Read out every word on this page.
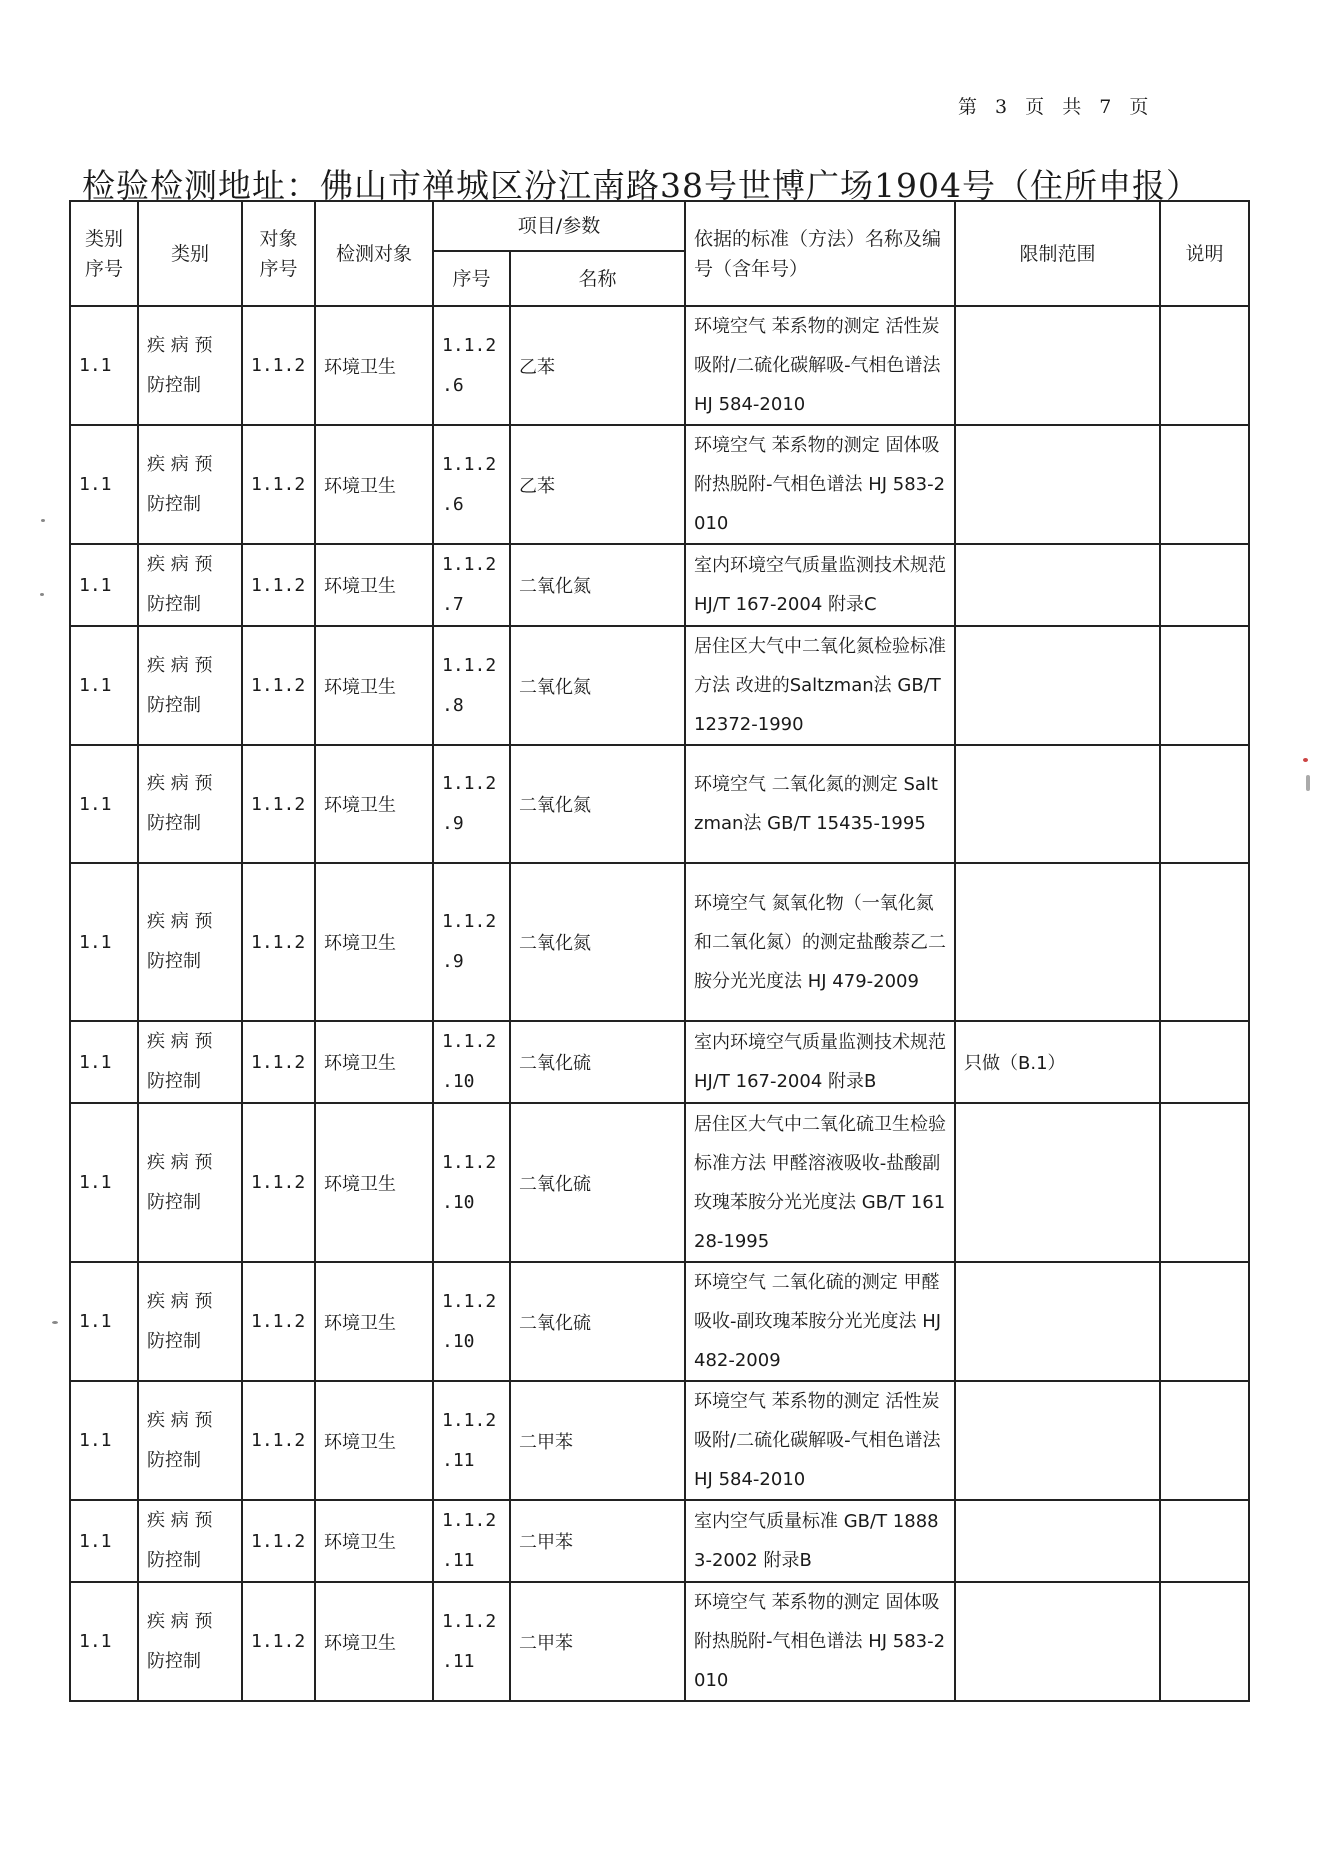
第 3 页 共 7 页
检验检测地址：佛山市禅城区汾江南路38号世博广场1904号（住所申报）
类别序号	类别	对象序号	检测对象	项目/参数		依据的标准（方法）名称及编号（含年号）	限制范围	说明
				序号	名称			
1.1	疾 病 预 防控制	1.1.2	环境卫生	1.1.2 .6	乙苯	环境空气 苯系物的测定 活性炭吸附/二硫化碳解吸-气相色谱法 HJ 584-2010		
1.1	疾 病 预 防控制	1.1.2	环境卫生	1.1.2 .6	乙苯	环境空气 苯系物的测定 固体吸附热脱附-气相色谱法 HJ 583-2010		
1.1	疾 病 预 防控制	1.1.2	环境卫生	1.1.2 .7	二氧化氮	室内环境空气质量监测技术规范 HJ/T 167-2004 附录C		
1.1	疾 病 预 防控制	1.1.2	环境卫生	1.1.2 .8	二氧化氮	居住区大气中二氧化氮检验标准方法 改进的Saltzman法 GB/T 12372-1990		
1.1	疾 病 预 防控制	1.1.2	环境卫生	1.1.2 .9	二氧化氮	环境空气 二氧化氮的测定 Saltzman法 GB/T 15435-1995		
1.1	疾 病 预 防控制	1.1.2	环境卫生	1.1.2 .9	二氧化氮	环境空气 氮氧化物（一氧化氮和二氧化氮）的测定盐酸萘乙二胺分光光度法 HJ 479-2009		
1.1	疾 病 预 防控制	1.1.2	环境卫生	1.1.2 .10	二氧化硫	室内环境空气质量监测技术规范 HJ/T 167-2004 附录B	只做（B.1）	
1.1	疾 病 预 防控制	1.1.2	环境卫生	1.1.2 .10	二氧化硫	居住区大气中二氧化硫卫生检验标准方法 甲醛溶液吸收-盐酸副玫瑰苯胺分光光度法 GB/T 16128-1995		
1.1	疾 病 预 防控制	1.1.2	环境卫生	1.1.2 .10	二氧化硫	环境空气 二氧化硫的测定 甲醛吸收-副玫瑰苯胺分光光度法 HJ 482-2009		
1.1	疾 病 预 防控制	1.1.2	环境卫生	1.1.2 .11	二甲苯	环境空气 苯系物的测定 活性炭吸附/二硫化碳解吸-气相色谱法 HJ 584-2010		
1.1	疾 病 预 防控制	1.1.2	环境卫生	1.1.2 .11	二甲苯	室内空气质量标准 GB/T 18883-2002 附录B		
1.1	疾 病 预 防控制	1.1.2	环境卫生	1.1.2 .11	二甲苯	环境空气 苯系物的测定 固体吸附热脱附-气相色谱法 HJ 583-2010		
